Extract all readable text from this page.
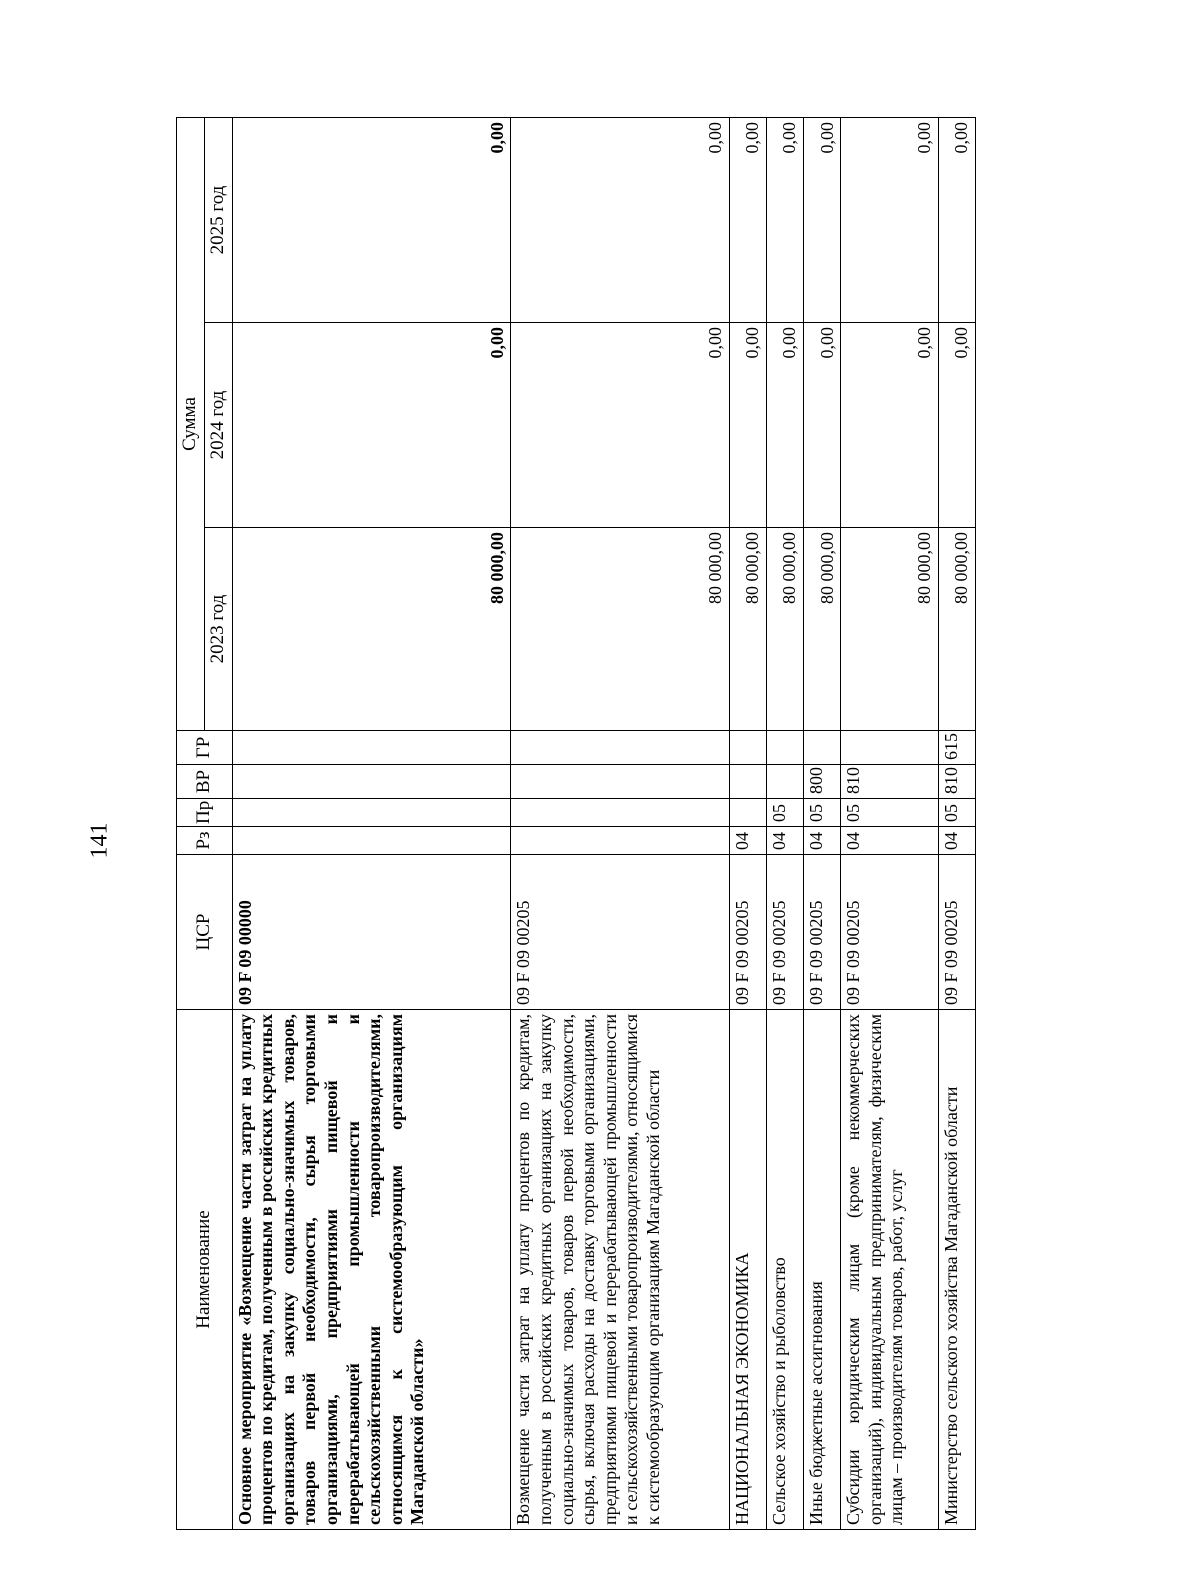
141
Наименование	ЦСР	Рз	Пр	ВР	ГР	Сумма		
						2023 год	2024 год	2025 год
Основное мероприятие «Возмещение части затрат на уплату процентов по кредитам, полученным в российских кредитных организациях на закупку социально-значимых товаров, товаров первой необходимости, сырья торговыми организациями, предприятиями пищевой и перерабатывающей промышленности и сельскохозяйственными товаропроизводителями, относящимся к системообразующим организациям Магаданской области»	09 F 09 00000					80 000,00	0,00	0,00
Возмещение части затрат на уплату процентов по кредитам, полученным в российских кредитных организациях на закупку социально-значимых товаров, товаров первой необходимости, сырья, включая расходы на доставку торговыми организациями, предприятиями пищевой и перерабатывающей промышленности и сельскохозяйственными товаропроизводителями, относящимися к системообразующим организациям Магаданской области	09 F 09 00205					80 000,00	0,00	0,00
НАЦИОНАЛЬНАЯ ЭКОНОМИКА	09 F 09 00205	04				80 000,00	0,00	0,00
Сельское хозяйство и рыболовство	09 F 09 00205	04	05			80 000,00	0,00	0,00
Иные бюджетные ассигнования	09 F 09 00205	04	05	800		80 000,00	0,00	0,00
Субсидии юридическим лицам (кроме некоммерческих организаций), индивидуальным предпринимателям, физическим лицам – производителям товаров, работ, услуг	09 F 09 00205	04	05	810		80 000,00	0,00	0,00
Министерство сельского хозяйства Магаданской области	09 F 09 00205	04	05	810	615	80 000,00	0,00	0,00
